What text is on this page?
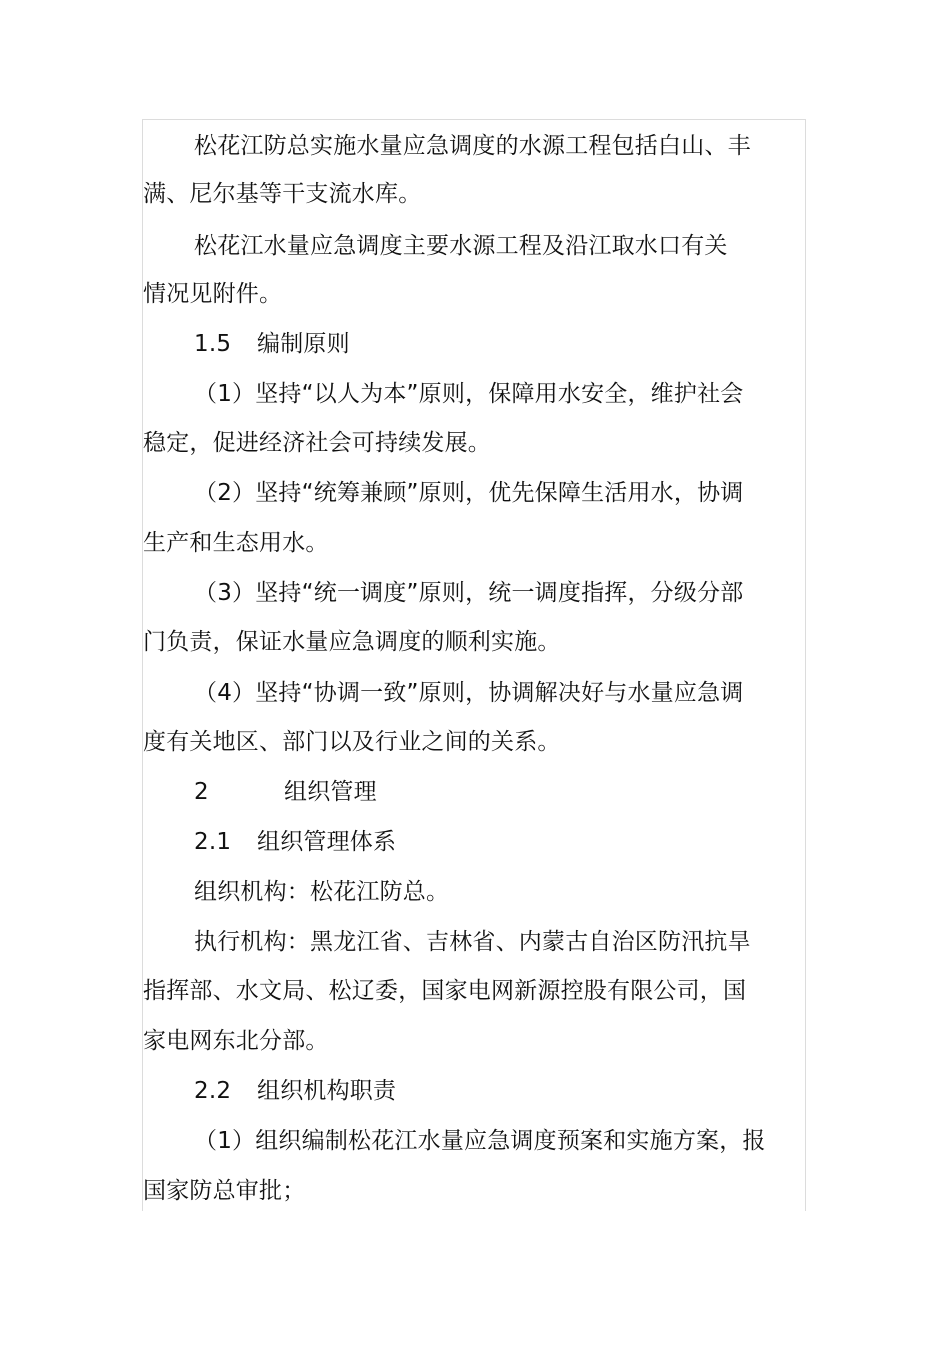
松花江防总实施水量应急调度的水源工程包括白山、丰
满、尼尔基等干支流水库。
松花江水量应急调度主要水源工程及沿江取水口有关
情况见附件。
1.5 编制原则
（1）坚持“以人为本”原则，保障用水安全，维护社会
稳定，促进经济社会可持续发展。
（2）坚持“统筹兼顾”原则，优先保障生活用水，协调
生产和生态用水。
（3）坚持“统一调度”原则，统一调度指挥，分级分部
门负责，保证水量应急调度的顺利实施。
（4）坚持“协调一致”原则，协调解决好与水量应急调
度有关地区、部门以及行业之间的关系。
2	组织管理
2.1 组织管理体系
组织机构：松花江防总。
执行机构：黑龙江省、吉林省、内蒙古自治区防汛抗旱
指挥部、水文局、松辽委，国家电网新源控股有限公司，国
家电网东北分部。
2.2 组织机构职责
（1）组织编制松花江水量应急调度预案和实施方案，报
国家防总审批；
